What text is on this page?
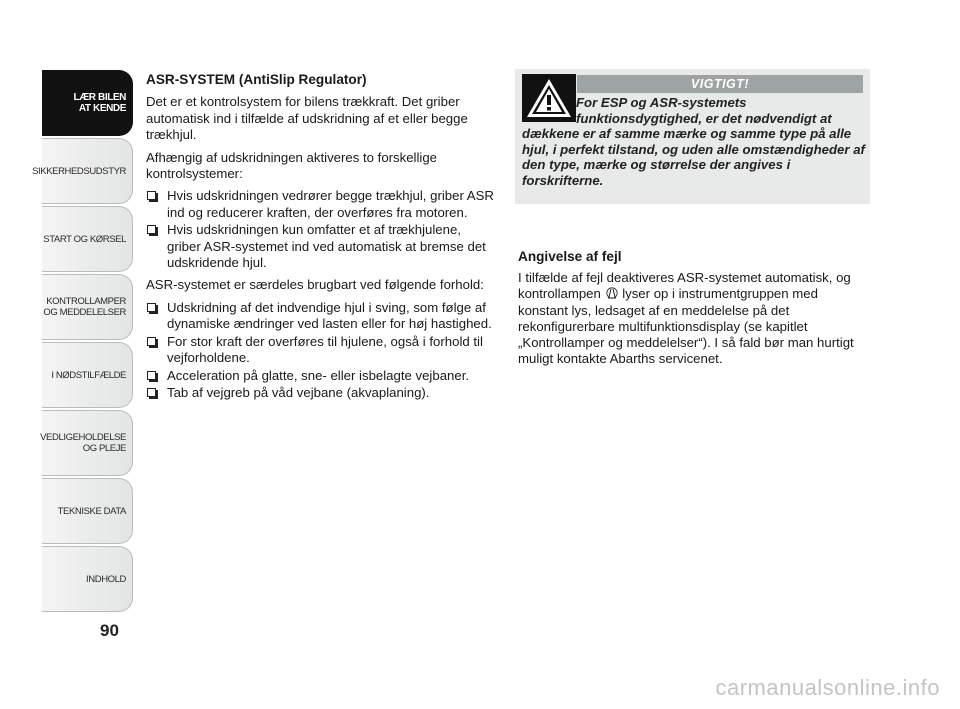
LÆR BILEN
AT KENDE
SIKKERHEDSUDSTYR
START OG KØRSEL
KONTROLLAMPER
OG MEDDELELSER
I NØDSTILFÆLDE
VEDLIGEHOLDELSE
OG PLEJE
TEKNISKE DATA
INDHOLD
90
ASR-SYSTEM (AntiSlip Regulator)

Det er et kontrolsystem for bilens trækkraft. Det griber automatisk ind i tilfælde af udskridning af et eller begge trækhjul.

Afhængig af udskridningen aktiveres to forskellige kontrolsystemer:

Hvis udskridningen vedrører begge trækhjul, griber ASR ind og reducerer kraften, der overføres fra motoren.
Hvis udskridningen kun omfatter et af trækhjulene, griber ASR-systemet ind ved automatisk at bremse det udskridende hjul.

ASR-systemet er særdeles brugbart ved følgende forhold:

Udskridning af det indvendige hjul i sving, som følge af dynamiske ændringer ved lasten eller for høj hastighed.
For stor kraft der overføres til hjulene, også i forhold til vejforholdene.
Acceleration på glatte, sne- eller isbelagte vejbaner.
Tab af vejgreb på våd vejbane (akvaplaning).
VIGTIGT!
For ESP og ASR-systemets funktionsdygtighed, er det nødvendigt at
dækkene er af samme mærke og samme type på alle hjul, i perfekt tilstand, og uden alle omstændigheder af den type, mærke og størrelse der angives i forskrifterne.
Angivelse af fejl

I tilfælde af fejl deaktiveres ASR-systemet automatisk, og kontrollampen lyser op i instrumentgruppen med konstant lys, ledsaget af en meddelelse på det rekonfigurerbare multifunktionsdisplay (se kapitlet „Kontrollamper og meddelelser“). I så fald bør man hurtigt muligt kontakte Abarths servicenet.

carmanualsonline.info
